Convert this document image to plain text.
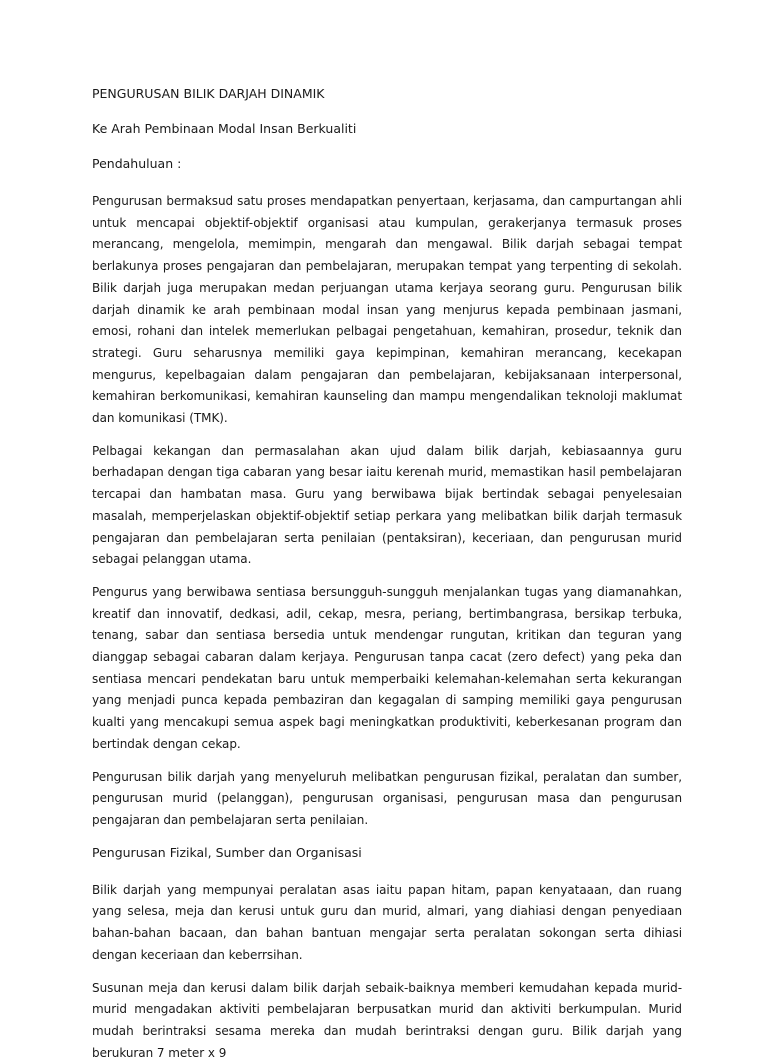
PENGURUSAN BILIK DARJAH DINAMIK
Ke Arah Pembinaan Modal Insan Berkualiti
Pendahuluan :

Pengurusan bermaksud satu proses mendapatkan penyertaan, kerjasama, dan campurtangan ahli untuk mencapai objektif-objektif organisasi atau kumpulan, gerakerjanya termasuk proses merancang, mengelola, memimpin, mengarah dan mengawal. Bilik darjah sebagai tempat berlakunya proses pengajaran dan pembelajaran, merupakan tempat yang terpenting di sekolah. Bilik darjah juga merupakan medan perjuangan utama kerjaya seorang guru. Pengurusan bilik darjah dinamik ke arah pembinaan modal insan yang menjurus kepada pembinaan jasmani, emosi, rohani dan intelek memerlukan pelbagai pengetahuan, kemahiran, prosedur, teknik dan strategi. Guru seharusnya memiliki gaya kepimpinan, kemahiran merancang, kecekapan mengurus, kepelbagaian dalam pengajaran dan pembelajaran, kebijaksanaan interpersonal, kemahiran berkomunikasi, kemahiran kaunseling dan mampu mengendalikan teknoloji maklumat dan komunikasi (TMK).

Pelbagai kekangan dan permasalahan akan ujud dalam bilik darjah, kebiasaannya guru berhadapan dengan tiga cabaran yang besar iaitu kerenah murid, memastikan hasil pembelajaran tercapai dan hambatan masa. Guru yang berwibawa bijak bertindak sebagai penyelesaian masalah, memperjelaskan objektif-objektif setiap perkara yang melibatkan bilik darjah termasuk pengajaran dan pembelajaran serta penilaian (pentaksiran), keceriaan, dan pengurusan murid sebagai pelanggan utama.

Pengurus yang berwibawa sentiasa bersungguh-sungguh menjalankan tugas yang diamanahkan, kreatif dan innovatif, dedkasi, adil, cekap, mesra, periang, bertimbangrasa, bersikap terbuka, tenang, sabar dan sentiasa bersedia untuk mendengar rungutan, kritikan dan teguran yang dianggap sebagai cabaran dalam kerjaya. Pengurusan tanpa cacat (zero defect) yang peka dan sentiasa mencari pendekatan baru untuk memperbaiki kelemahan-kelemahan serta kekurangan yang menjadi punca kepada pembaziran dan kegagalan di samping memiliki gaya pengurusan kualti yang mencakupi semua aspek bagi meningkatkan produktiviti, keberkesanan program dan bertindak dengan cekap.

Pengurusan bilik darjah yang menyeluruh melibatkan pengurusan fizikal, peralatan dan sumber, pengurusan murid (pelanggan), pengurusan organisasi, pengurusan masa dan pengurusan pengajaran dan pembelajaran serta penilaian.

Pengurusan Fizikal, Sumber dan Organisasi

Bilik darjah yang mempunyai peralatan asas iaitu papan hitam, papan kenyataaan, dan ruang yang selesa, meja dan kerusi untuk guru dan murid, almari, yang diahiasi dengan penyediaan bahan-bahan bacaan, dan bahan bantuan mengajar serta peralatan sokongan serta dihiasi dengan keceriaan dan keberrsihan.

Susunan meja dan kerusi dalam bilik darjah sebaik-baiknya memberi kemudahan kepada murid-murid mengadakan aktiviti pembelajaran berpusatkan murid dan aktiviti berkumpulan. Murid mudah berintraksi sesama mereka dan mudah berintraksi dengan guru. Bilik darjah yang berukuran 7 meter x 9
